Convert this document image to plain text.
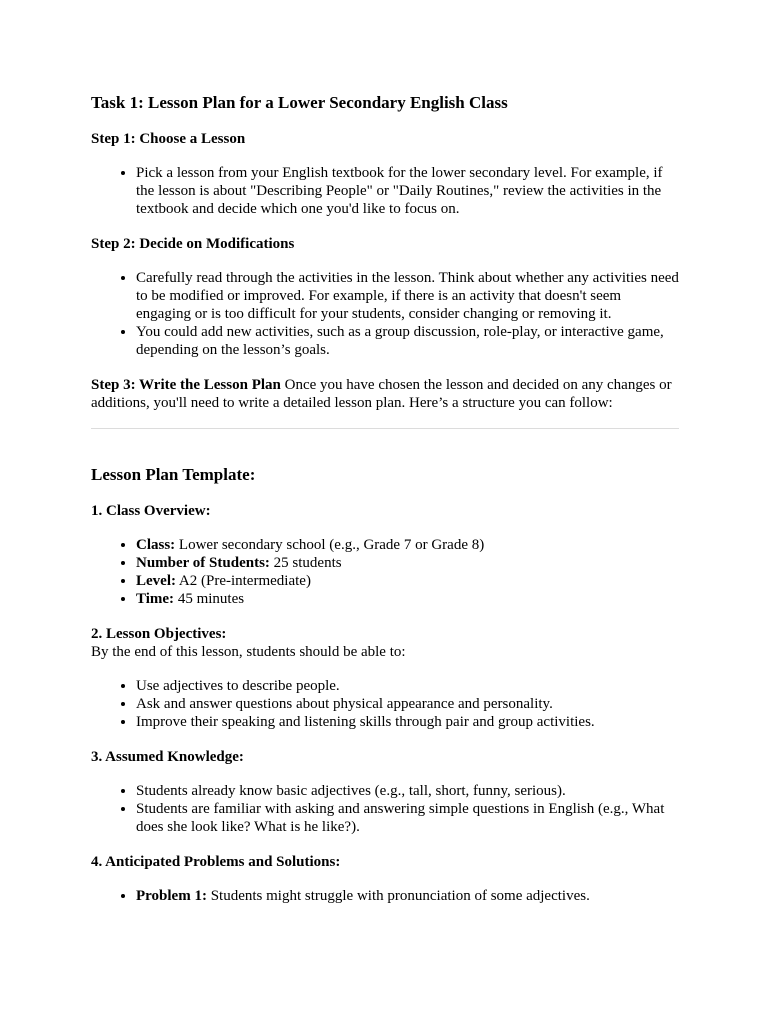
Task 1: Lesson Plan for a Lower Secondary English Class
Step 1: Choose a Lesson
• Pick a lesson from your English textbook for the lower secondary level. For example, if the lesson is about "Describing People" or "Daily Routines," review the activities in the textbook and decide which one you'd like to focus on.
Step 2: Decide on Modifications
• Carefully read through the activities in the lesson. Think about whether any activities need to be modified or improved. For example, if there is an activity that doesn't seem engaging or is too difficult for your students, consider changing or removing it.
• You could add new activities, such as a group discussion, role-play, or interactive game, depending on the lesson’s goals.

Step 3: Write the Lesson Plan Once you have chosen the lesson and decided on any changes or additions, you'll need to write a detailed lesson plan. Here’s a structure you can follow:

Lesson Plan Template:
1. Class Overview:
• Class: Lower secondary school (e.g., Grade 7 or Grade 8)
• Number of Students: 25 students
• Level: A2 (Pre-intermediate)
• Time: 45 minutes
2. Lesson Objectives:
By the end of this lesson, students should be able to:
• Use adjectives to describe people.
• Ask and answer questions about physical appearance and personality.
• Improve their speaking and listening skills through pair and group activities.
3. Assumed Knowledge:
• Students already know basic adjectives (e.g., tall, short, funny, serious).
• Students are familiar with asking and answering simple questions in English (e.g., What does she look like? What is he like?).
4. Anticipated Problems and Solutions:
• Problem 1: Students might struggle with pronunciation of some adjectives.
